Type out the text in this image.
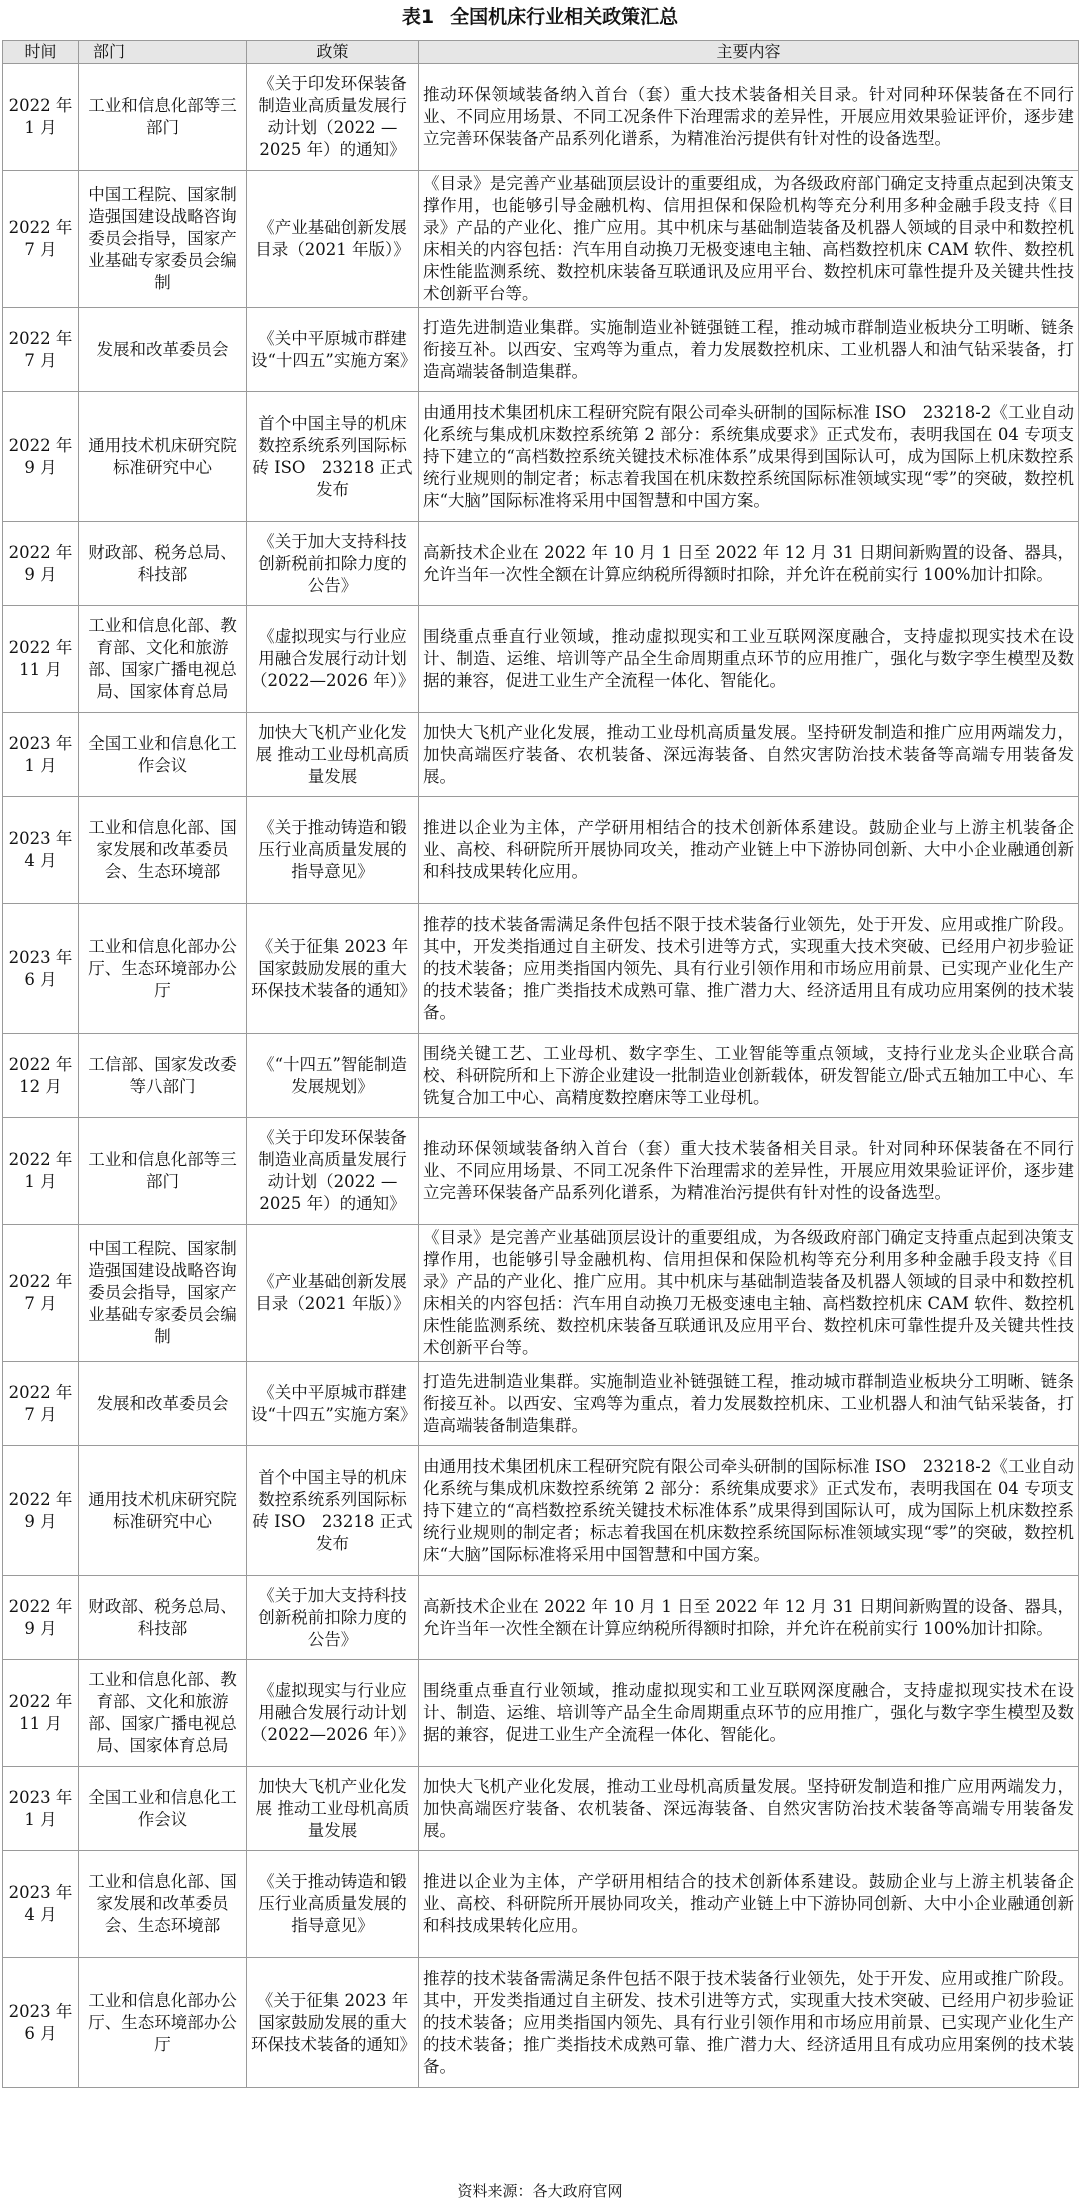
表1 全国机床行业相关政策汇总
时间	部门	政策	主要内容
2022 年 1 月	工业和信息化部等三部门	《关于印发环保装备制造业高质量发展行动计划（2022 —2025 年）的通知》	推动环保领域装备纳入首台（套）重大技术装备相关目录。针对同种环保装备在不同行业、不同应用场景、不同工况条件下治理需求的差异性，开展应用效果验证评价，逐步建立完善环保装备产品系列化谱系，为精准治污提供有针对性的设备选型。
2022 年 7 月	中国工程院、国家制造强国建设战略咨询委员会指导，国家产业基础专家委员会编制	《产业基础创新发展目录（2021 年版）》	《目录》是完善产业基础顶层设计的重要组成，为各级政府部门确定支持重点起到决策支撑作用，也能够引导金融机构、信用担保和保险机构等充分利用多种金融手段支持《目录》产品的产业化、推广应用。其中机床与基础制造装备及机器人领域的目录中和数控机床相关的内容包括：汽车用自动换刀无极变速电主轴、高档数控机床 CAM 软件、数控机床性能监测系统、数控机床装备互联通讯及应用平台、数控机床可靠性提升及关键共性技术创新平台等。
2022 年 7 月	发展和改革委员会	《关中平原城市群建设“十四五”实施方案》	打造先进制造业集群。实施制造业补链强链工程，推动城市群制造业板块分工明晰、链条衔接互补。以西安、宝鸡等为重点，着力发展数控机床、工业机器人和油气钻采装备，打造高端装备制造集群。
2022 年 9 月	通用技术机床研究院标准研究中心	首个中国主导的机床数控系统系列国际标砖 ISO　23218 正式发布	由通用技术集团机床工程研究院有限公司牵头研制的国际标准 ISO　23218-2《工业自动化系统与集成机床数控系统第 2 部分：系统集成要求》正式发布，表明我国在 04 专项支持下建立的“高档数控系统关键技术标准体系”成果得到国际认可，成为国际上机床数控系统行业规则的制定者；标志着我国在机床数控系统国际标准领域实现“零”的突破，数控机床“大脑”国际标准将采用中国智慧和中国方案。
2022 年 9 月	财政部、税务总局、科技部	《关于加大支持科技创新税前扣除力度的公告》	高新技术企业在 2022 年 10 月 1 日至 2022 年 12 月 31 日期间新购置的设备、器具，允许当年一次性全额在计算应纳税所得额时扣除，并允许在税前实行 100%加计扣除。
2022 年 11 月	工业和信息化部、教育部、文化和旅游部、国家广播电视总局、国家体育总局	《虚拟现实与行业应用融合发展行动计划（2022—2026 年）》	围绕重点垂直行业领域，推动虚拟现实和工业互联网深度融合，支持虚拟现实技术在设计、制造、运维、培训等产品全生命周期重点环节的应用推广，强化与数字孪生模型及数据的兼容，促进工业生产全流程一体化、智能化。
2023 年 1 月	全国工业和信息化工作会议	加快大飞机产业化发展 推动工业母机高质量发展	加快大飞机产业化发展，推动工业母机高质量发展。坚持研发制造和推广应用两端发力，加快高端医疗装备、农机装备、深远海装备、自然灾害防治技术装备等高端专用装备发展。
2023 年 4 月	工业和信息化部、国家发展和改革委员会、生态环境部	《关于推动铸造和锻压行业高质量发展的指导意见》	推进以企业为主体，产学研用相结合的技术创新体系建设。鼓励企业与上游主机装备企业、高校、科研院所开展协同攻关，推动产业链上中下游协同创新、大中小企业融通创新和科技成果转化应用。
2023 年 6 月	工业和信息化部办公厅、生态环境部办公厅	《关于征集 2023 年国家鼓励发展的重大环保技术装备的通知》	推荐的技术装备需满足条件包括不限于技术装备行业领先，处于开发、应用或推广阶段。其中，开发类指通过自主研发、技术引进等方式，实现重大技术突破、已经用户初步验证的技术装备；应用类指国内领先、具有行业引领作用和市场应用前景、已实现产业化生产的技术装备；推广类指技术成熟可靠、推广潜力大、经济适用且有成功应用案例的技术装备。
2022 年 12 月	工信部、国家发改委等八部门	《“十四五”智能制造发展规划》	围绕关键工艺、工业母机、数字孪生、工业智能等重点领域，支持行业龙头企业联合高校、科研院所和上下游企业建设一批制造业创新载体，研发智能立/卧式五轴加工中心、车铣复合加工中心、高精度数控磨床等工业母机。
2022 年 1 月	工业和信息化部等三部门	《关于印发环保装备制造业高质量发展行动计划（2022 —2025 年）的通知》	推动环保领域装备纳入首台（套）重大技术装备相关目录。针对同种环保装备在不同行业、不同应用场景、不同工况条件下治理需求的差异性，开展应用效果验证评价，逐步建立完善环保装备产品系列化谱系，为精准治污提供有针对性的设备选型。
2022 年 7 月	中国工程院、国家制造强国建设战略咨询委员会指导，国家产业基础专家委员会编制	《产业基础创新发展目录（2021 年版）》	《目录》是完善产业基础顶层设计的重要组成，为各级政府部门确定支持重点起到决策支撑作用，也能够引导金融机构、信用担保和保险机构等充分利用多种金融手段支持《目录》产品的产业化、推广应用。其中机床与基础制造装备及机器人领域的目录中和数控机床相关的内容包括：汽车用自动换刀无极变速电主轴、高档数控机床 CAM 软件、数控机床性能监测系统、数控机床装备互联通讯及应用平台、数控机床可靠性提升及关键共性技术创新平台等。
2022 年 7 月	发展和改革委员会	《关中平原城市群建设“十四五”实施方案》	打造先进制造业集群。实施制造业补链强链工程，推动城市群制造业板块分工明晰、链条衔接互补。以西安、宝鸡等为重点，着力发展数控机床、工业机器人和油气钻采装备，打造高端装备制造集群。
2022 年 9 月	通用技术机床研究院标准研究中心	首个中国主导的机床数控系统系列国际标砖 ISO　23218 正式发布	由通用技术集团机床工程研究院有限公司牵头研制的国际标准 ISO　23218-2《工业自动化系统与集成机床数控系统第 2 部分：系统集成要求》正式发布，表明我国在 04 专项支持下建立的“高档数控系统关键技术标准体系”成果得到国际认可，成为国际上机床数控系统行业规则的制定者；标志着我国在机床数控系统国际标准领域实现“零”的突破，数控机床“大脑”国际标准将采用中国智慧和中国方案。
2022 年 9 月	财政部、税务总局、科技部	《关于加大支持科技创新税前扣除力度的公告》	高新技术企业在 2022 年 10 月 1 日至 2022 年 12 月 31 日期间新购置的设备、器具，允许当年一次性全额在计算应纳税所得额时扣除，并允许在税前实行 100%加计扣除。
2022 年 11 月	工业和信息化部、教育部、文化和旅游部、国家广播电视总局、国家体育总局	《虚拟现实与行业应用融合发展行动计划（2022—2026 年）》	围绕重点垂直行业领域，推动虚拟现实和工业互联网深度融合，支持虚拟现实技术在设计、制造、运维、培训等产品全生命周期重点环节的应用推广，强化与数字孪生模型及数据的兼容，促进工业生产全流程一体化、智能化。
2023 年 1 月	全国工业和信息化工作会议	加快大飞机产业化发展 推动工业母机高质量发展	加快大飞机产业化发展，推动工业母机高质量发展。坚持研发制造和推广应用两端发力，加快高端医疗装备、农机装备、深远海装备、自然灾害防治技术装备等高端专用装备发展。
2023 年 4 月	工业和信息化部、国家发展和改革委员会、生态环境部	《关于推动铸造和锻压行业高质量发展的指导意见》	推进以企业为主体，产学研用相结合的技术创新体系建设。鼓励企业与上游主机装备企业、高校、科研院所开展协同攻关，推动产业链上中下游协同创新、大中小企业融通创新和科技成果转化应用。
2023 年 6 月	工业和信息化部办公厅、生态环境部办公厅	《关于征集 2023 年国家鼓励发展的重大环保技术装备的通知》	推荐的技术装备需满足条件包括不限于技术装备行业领先，处于开发、应用或推广阶段。其中，开发类指通过自主研发、技术引进等方式，实现重大技术突破、已经用户初步验证的技术装备；应用类指国内领先、具有行业引领作用和市场应用前景、已实现产业化生产的技术装备；推广类指技术成熟可靠、推广潜力大、经济适用且有成功应用案例的技术装备。
资料来源：各大政府官网
